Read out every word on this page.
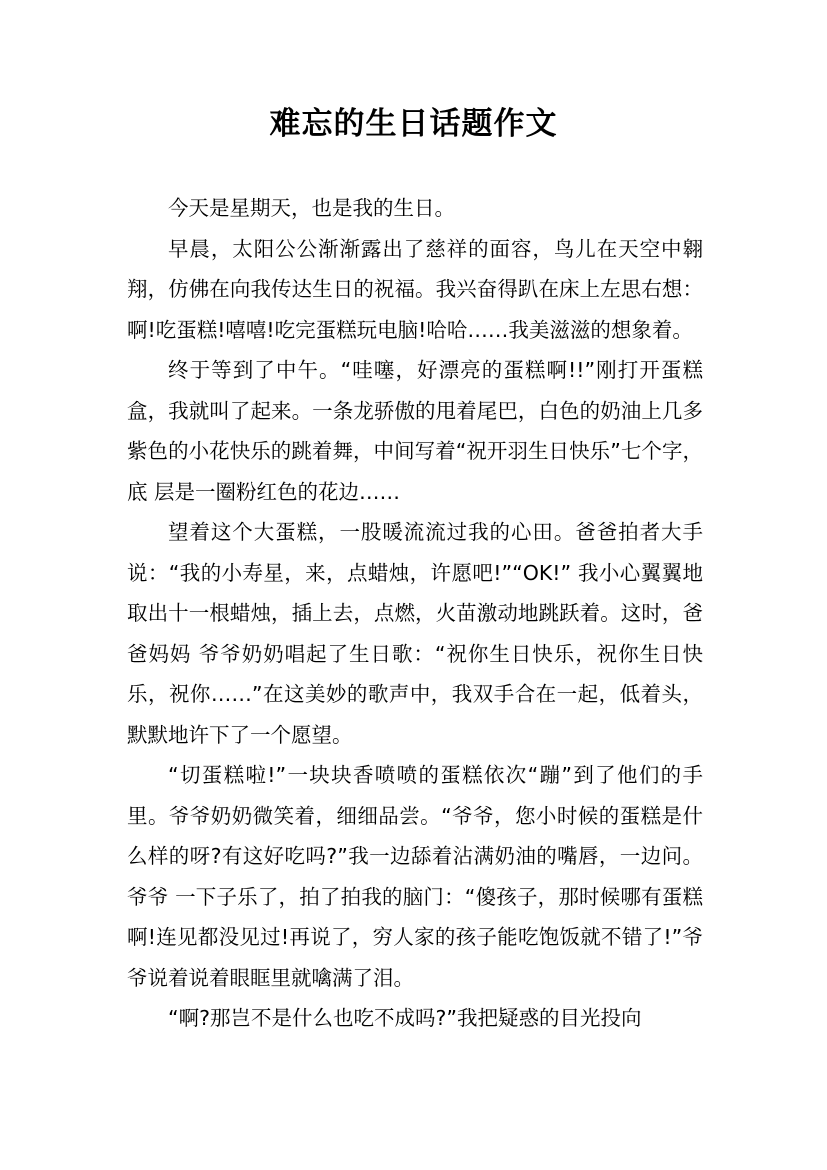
难忘的生日话题作文

今天是星期天，也是我的生日。

早晨，太阳公公渐渐露出了慈祥的面容，鸟儿在天空中翱翔，仿佛在向我传达生日的祝福。我兴奋得趴在床上左思右想：啊!吃蛋糕!嘻嘻!吃完蛋糕玩电脑!哈哈……我美滋滋的想象着。

终于等到了中午。“哇噻，好漂亮的蛋糕啊!!”刚打开蛋糕盒，我就叫了起来。一条龙骄傲的甩着尾巴，白色的奶油上几多紫色的小花快乐的跳着舞，中间写着“祝开羽生日快乐”七个字，底 层是一圈粉红色的花边……

望着这个大蛋糕，一股暖流流过我的心田。爸爸拍者大手说：“我的小寿星，来，点蜡烛，许愿吧!”“OK!” 我小心翼翼地取出十一根蜡烛，插上去，点燃，火苗激动地跳跃着。这时，爸爸妈妈 爷爷奶奶唱起了生日歌：“祝你生日快乐，祝你生日快乐，祝你……”在这美妙的歌声中，我双手合在一起，低着头，默默地许下了一个愿望。

“切蛋糕啦!”一块块香喷喷的蛋糕依次“蹦”到了他们的手里。爷爷奶奶微笑着，细细品尝。“爷爷，您小时候的蛋糕是什么样的呀?有这好吃吗?”我一边舔着沾满奶油的嘴唇，一边问。爷爷 一下子乐了，拍了拍我的脑门：“傻孩子，那时候哪有蛋糕啊!连见都没见过!再说了，穷人家的孩子能吃饱饭就不错了!”爷爷说着说着眼眶里就噙满了泪。

“啊?那岂不是什么也吃不成吗?”我把疑惑的目光投向
